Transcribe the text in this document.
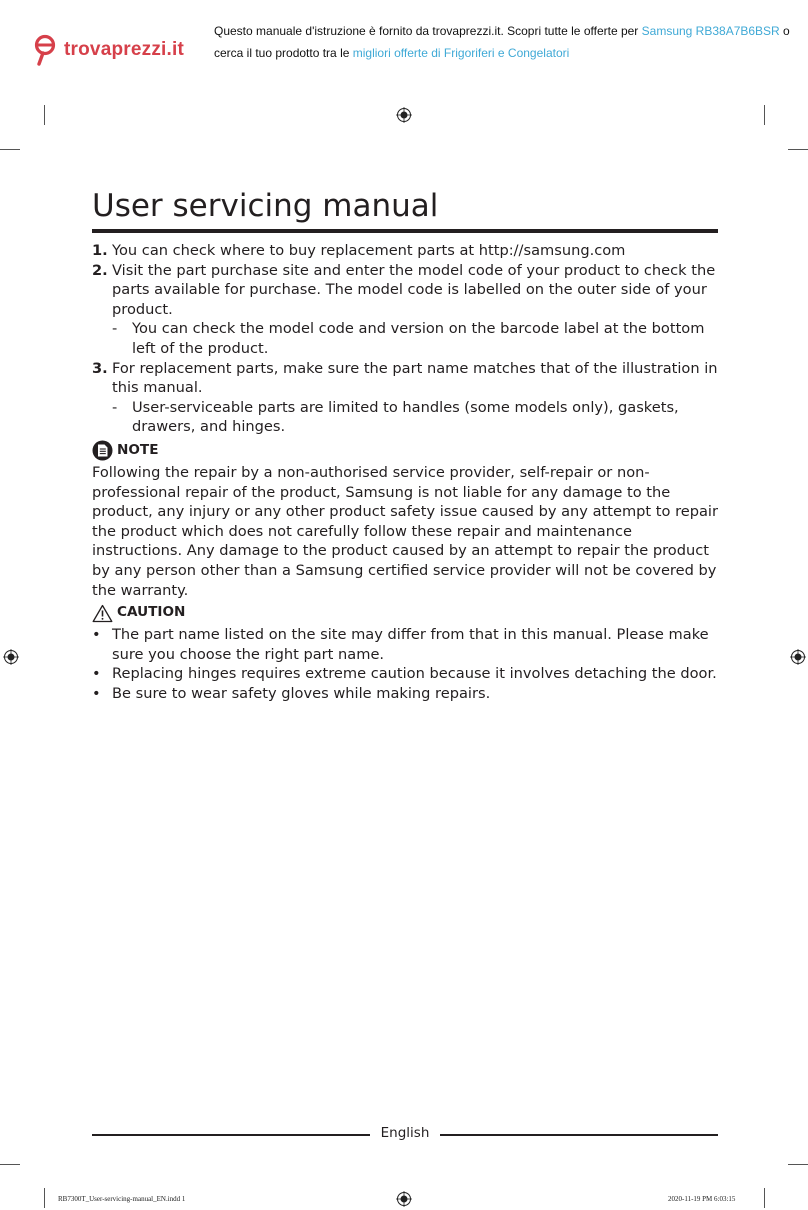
trovaprezzi.it
Questo manuale d'istruzione è fornito da trovaprezzi.it. Scopri tutte le offerte per Samsung RB38A7B6BSR o
cerca il tuo prodotto tra le migliori offerte di Frigoriferi e Congelatori
User servicing manual
1. You can check where to buy replacement parts at http://samsung.com
2. Visit the part purchase site and enter the model code of your product to check the parts available for purchase. The model code is labelled on the outer side of your product.
- You can check the model code and version on the barcode label at the bottom left of the product.
3. For replacement parts, make sure the part name matches that of the illustration in this manual.
- User-serviceable parts are limited to handles (some models only), gaskets, drawers, and hinges.
NOTE

Following the repair by a non-authorised service provider, self-repair or non-professional repair of the product, Samsung is not liable for any damage to the product, any injury or any other product safety issue caused by any attempt to repair the product which does not carefully follow these repair and maintenance instructions. Any damage to the product caused by an attempt to repair the product by any person other than a Samsung certified service provider will not be covered by the warranty.

CAUTION
• The part name listed on the site may differ from that in this manual. Please make sure you choose the right part name.
• Replacing hinges requires extreme caution because it involves detaching the door.
• Be sure to wear safety gloves while making repairs.
English
RB7300T_User-servicing-manual_EN.indd 1	2020-11-19 PM 6:03:15
